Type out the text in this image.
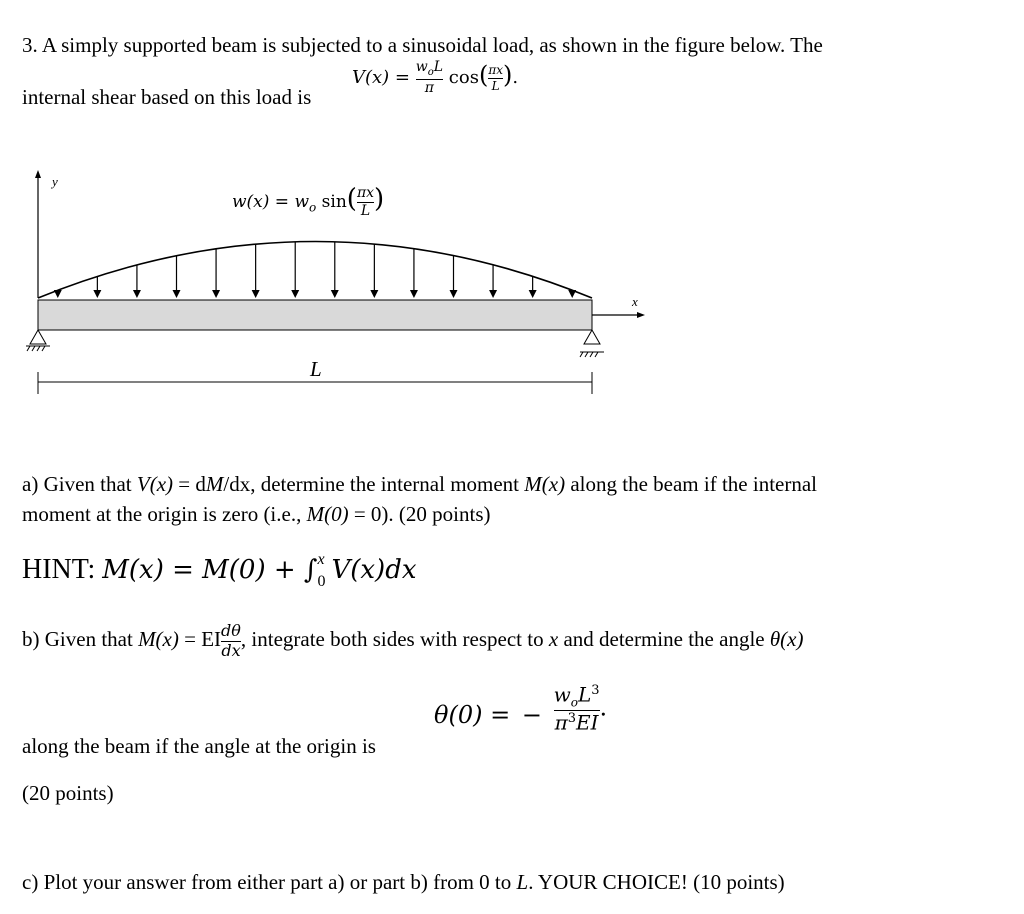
3. A simply supported beam is subjected to a sinusoidal load, as shown in the figure below. The
internal shear based on this load is
$V(x) = \frac{w_oL}{\pi} \cos( \frac{\pi x}{L}$ ).
y
x
L
$w(x) = w_o$ $\sin( \frac{\pi x}{L}$ )
a) Given that V(x) = dM/dx, determine the internal moment M(x) along the beam if the internal
moment at the origin is zero (i.e., M(0) = 0). (20 points)
HINT: M(x) = M(0) + ∫ x
0 V(x)dx
b) Given that M(x) = EI $\frac{d\theta}{dx}$ , integrate both sides with respect to x and determine the angle θ(x)
θ(0) = − $\frac{w_oL^3}{\pi^3EI}$ .
along the beam if the angle at the origin is
(20 points)
c) Plot your answer from either part a) or part b) from 0 to L. YOUR CHOICE! (10 points)
